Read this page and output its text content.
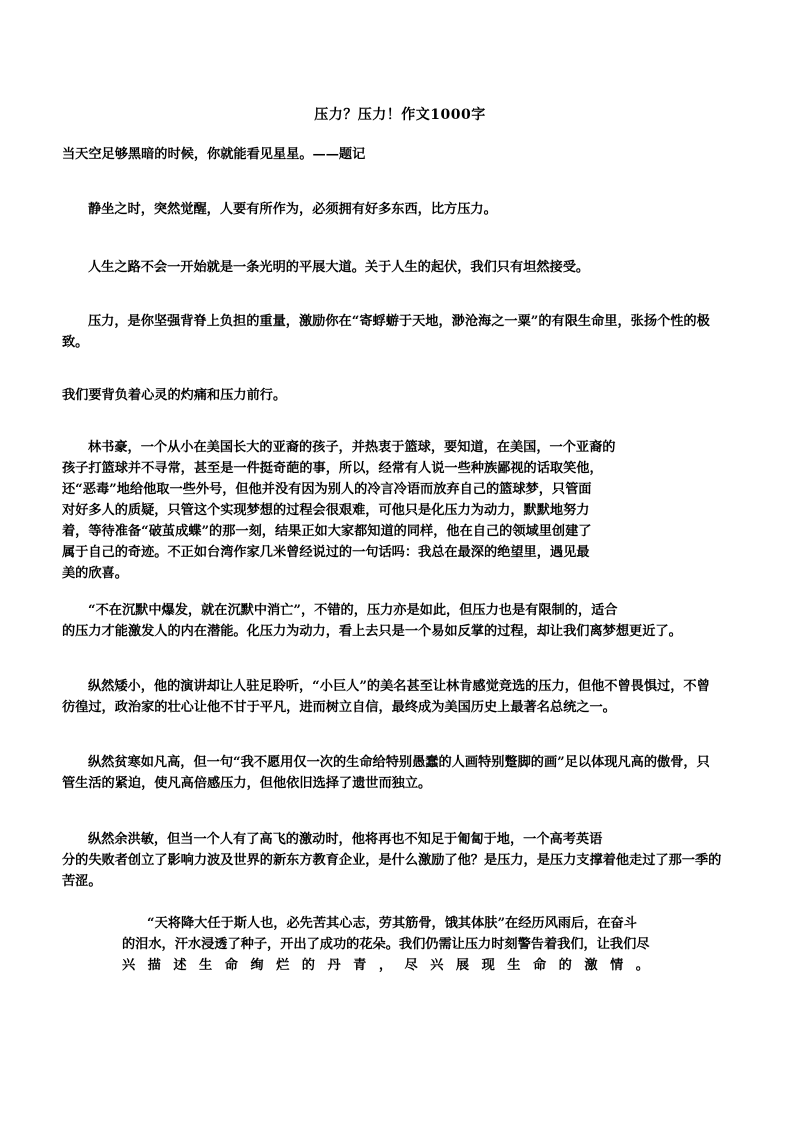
压力？压力！作文1000字
当天空足够黑暗的时候，你就能看见星星。——题记
静坐之时，突然觉醒，人要有所作为，必须拥有好多东西，比方压力。
人生之路不会一开始就是一条光明的平展大道。关于人生的起伏，我们只有坦然接受。
压力，是你坚强背脊上负担的重量，激励你在“寄蜉蝣于天地，渺沧海之一粟”的有限生命里，张扬个性的极
致。
我们要背负着心灵的灼痛和压力前行。
林书豪，一个从小在美国长大的亚裔的孩子，并热衷于篮球，要知道，在美国，一个亚裔的
孩子打篮球并不寻常，甚至是一件挺奇葩的事，所以，经常有人说一些种族鄙视的话取笑他，
还“恶毒”地给他取一些外号，但他并没有因为别人的冷言冷语而放弃自己的篮球梦，只管面
对好多人的质疑，只管这个实现梦想的过程会很艰难，可他只是化压力为动力，默默地努力
着，等待准备“破茧成蝶”的那一刻，结果正如大家都知道的同样，他在自己的领域里创建了
属于自己的奇迹。不正如台湾作家几米曾经说过的一句话吗：我总在最深的绝望里，遇见最
美的欣喜。
“不在沉默中爆发，就在沉默中消亡”，不错的，压力亦是如此，但压力也是有限制的，适合
的压力才能激发人的内在潜能。化压力为动力，看上去只是一个易如反掌的过程，却让我们离梦想更近了。
纵然矮小，他的演讲却让人驻足聆听，“小巨人”的美名甚至让林肯感觉竞选的压力，但他不曾畏惧过，不曾
彷徨过，政治家的壮心让他不甘于平凡，进而树立自信，最终成为美国历史上最著名总统之一。
纵然贫寒如凡高，但一句“我不愿用仅一次的生命给特别愚蠢的人画特别蹩脚的画”足以体现凡高的傲骨，只
管生活的紧迫，使凡高倍感压力，但他依旧选择了遗世而独立。
纵然余洪敏，但当一个人有了高飞的激动时，他将再也不知足于匍匐于地，一个高考英语
分的失败者创立了影响力波及世界的新东方教育企业，是什么激励了他？是压力，是压力支撑着他走过了那一季的
苦涩。
“天将降大任于斯人也，必先苦其心志，劳其筋骨，饿其体肤”在经历风雨后，在奋斗
的泪水，汗水浸透了种子，开出了成功的花朵。我们仍需让压力时刻警告着我们，让我们尽
兴描述生命绚烂的丹青，尽兴展现生命的激情。
